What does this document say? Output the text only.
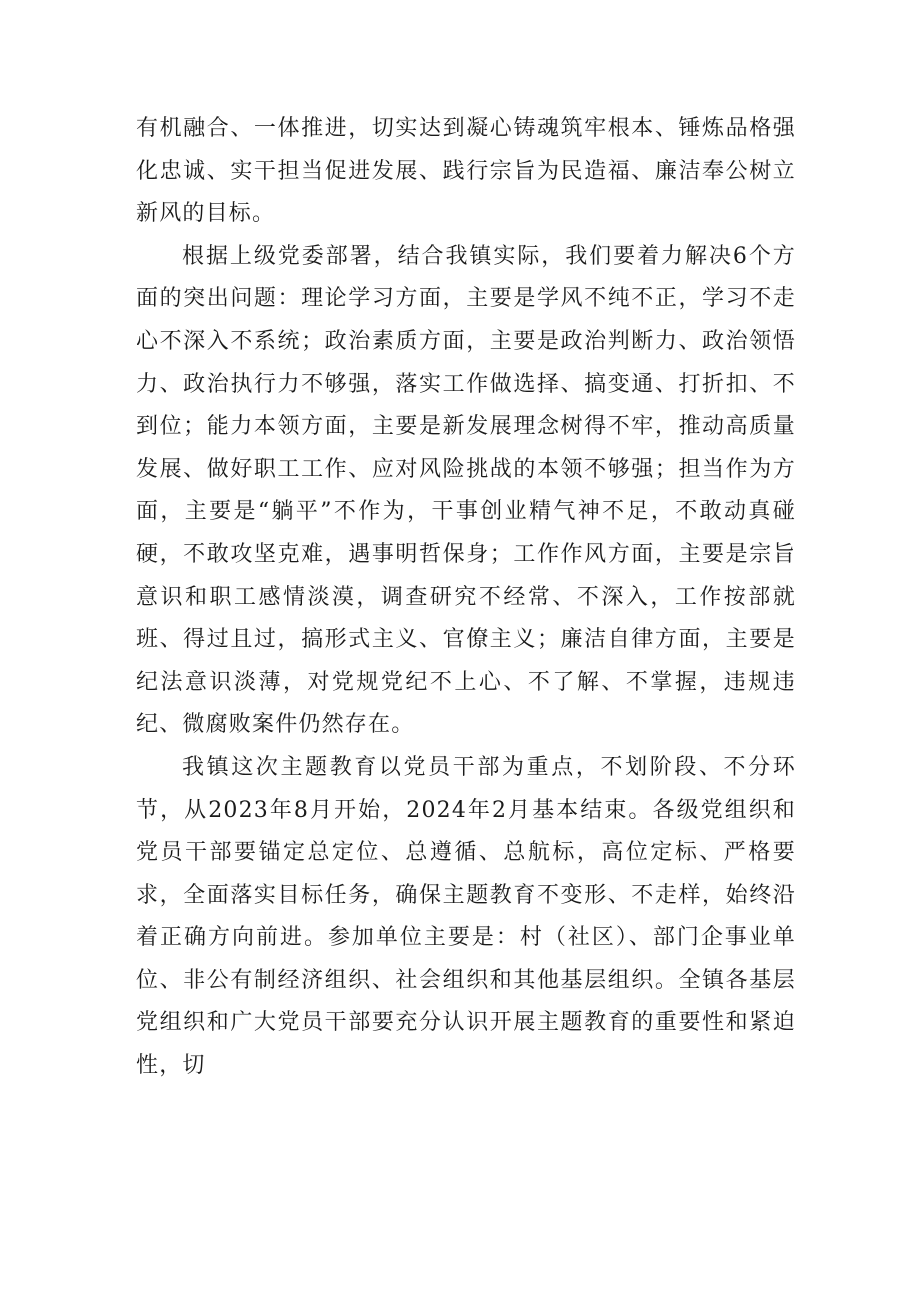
有机融合、一体推进，切实达到凝心铸魂筑牢根本、锤炼品格强化忠诚、实干担当促进发展、践行宗旨为民造福、廉洁奉公树立新风的目标。

根据上级党委部署，结合我镇实际，我们要着力解决6个方面的突出问题：理论学习方面，主要是学风不纯不正，学习不走心不深入不系统；政治素质方面，主要是政治判断力、政治领悟力、政治执行力不够强，落实工作做选择、搞变通、打折扣、不到位；能力本领方面，主要是新发展理念树得不牢，推动高质量发展、做好职工工作、应对风险挑战的本领不够强；担当作为方面，主要是“躺平”不作为，干事创业精气神不足，不敢动真碰硬，不敢攻坚克难，遇事明哲保身；工作作风方面，主要是宗旨意识和职工感情淡漠，调查研究不经常、不深入，工作按部就班、得过且过，搞形式主义、官僚主义；廉洁自律方面，主要是纪法意识淡薄，对党规党纪不上心、不了解、不掌握，违规违纪、微腐败案件仍然存在。

我镇这次主题教育以党员干部为重点，不划阶段、不分环节，从2023年8月开始，2024年2月基本结束。各级党组织和党员干部要锚定总定位、总遵循、总航标，高位定标、严格要求，全面落实目标任务，确保主题教育不变形、不走样，始终沿着正确方向前进。参加单位主要是：村（社区）、部门企事业单位、非公有制经济组织、社会组织和其他基层组织。全镇各基层党组织和广大党员干部要充分认识开展主题教育的重要性和紧迫性，切
